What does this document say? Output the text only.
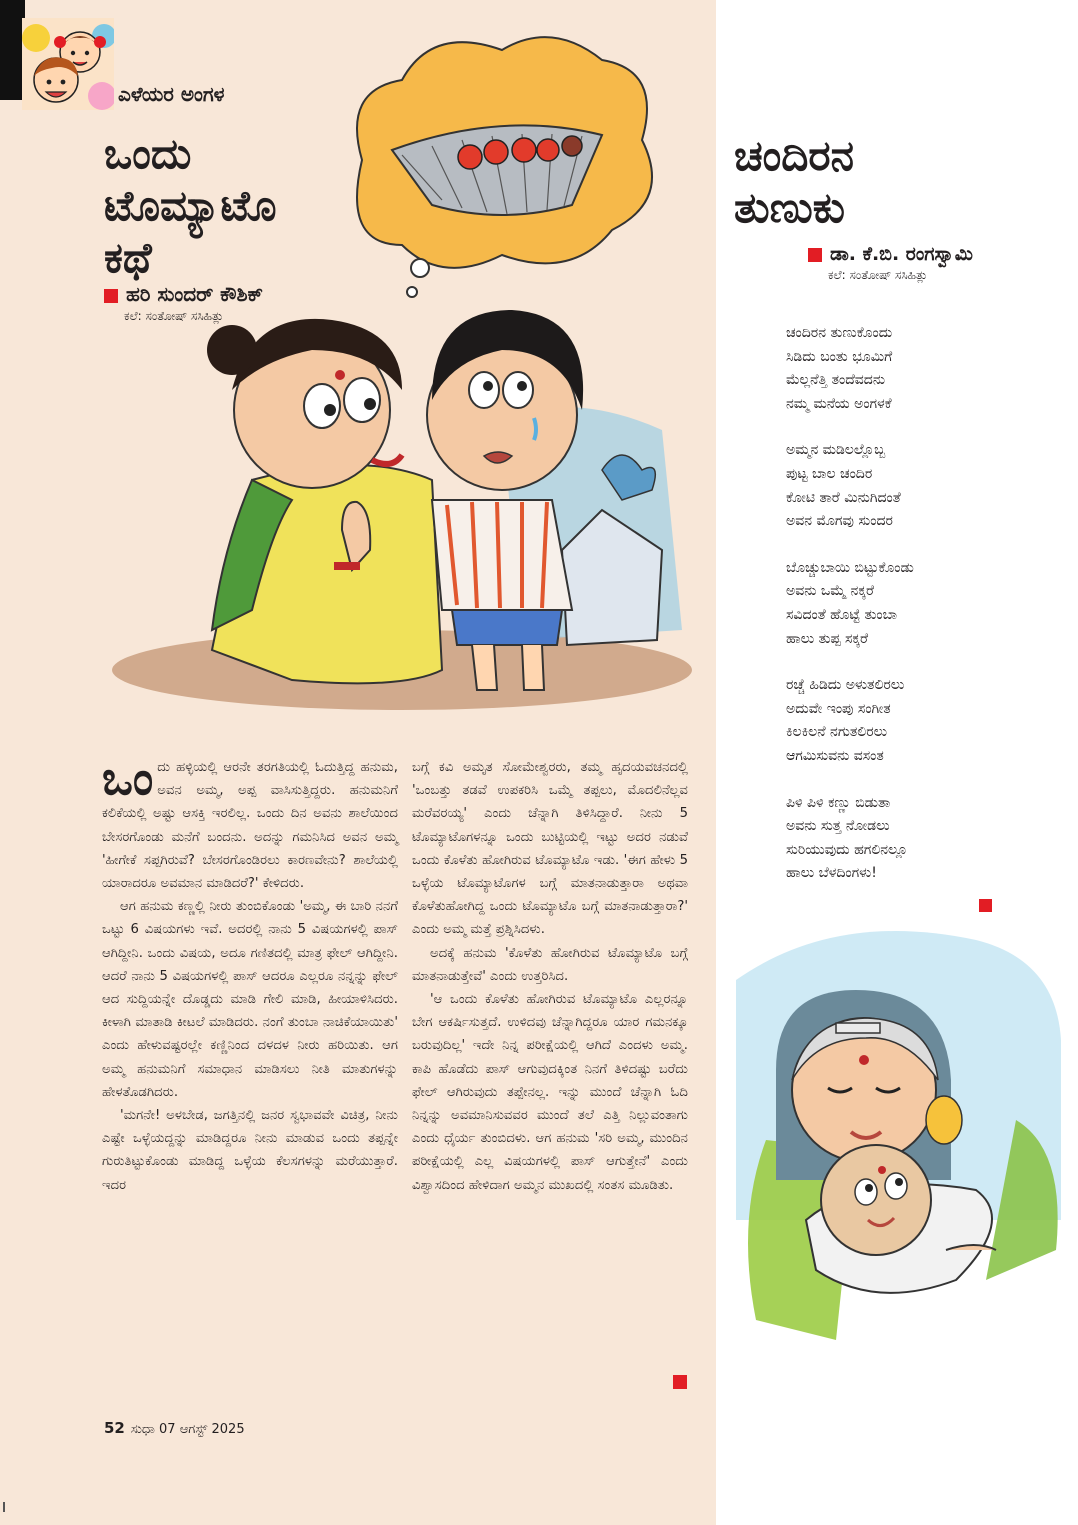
ಎಳೆಯರ ಅಂಗಳ
ಒಂದು
ಟೊಮ್ಯಾಟೊ
ಕಥೆ
ಹರಿ ಸುಂದರ್ ಕೌಶಿಕ್
ಕಲೆ: ಸಂತೋಷ್ ಸಸಿಹಿತ್ಲು

ಒಂದು ಹಳ್ಳಿಯಲ್ಲಿ ಆರನೇ ತರಗತಿಯಲ್ಲಿ ಓದುತ್ತಿದ್ದ ಹನುಮ, ಅವನ ಅಮ್ಮ, ಅಪ್ಪ ವಾಸಿಸುತ್ತಿದ್ದರು. ಹನುಮನಿಗೆ ಕಲಿಕೆಯಲ್ಲಿ ಅಷ್ಟು ಆಸಕ್ತಿ ಇರಲಿಲ್ಲ. ಒಂದು ದಿನ ಅವನು ಶಾಲೆಯಿಂದ ಬೇಸರಗೊಂಡು ಮನೆಗೆ ಬಂದನು. ಅದನ್ನು ಗಮನಿಸಿದ ಅವನ ಅಮ್ಮ 'ಹೀಗೇಕೆ ಸಪ್ಪಗಿರುವೆ? ಬೇಸರಗೊಂಡಿರಲು ಕಾರಣವೇನು? ಶಾಲೆಯಲ್ಲಿ ಯಾರಾದರೂ ಅವಮಾನ ಮಾಡಿದರೆ?' ಕೇಳಿದರು.

ಆಗ ಹನುಮ ಕಣ್ಣಲ್ಲಿ ನೀರು ತುಂಬಿಕೊಂಡು 'ಅಮ್ಮ, ಈ ಬಾರಿ ನನಗೆ ಒಟ್ಟು 6 ವಿಷಯಗಳು ಇವೆ. ಅದರಲ್ಲಿ ನಾನು 5 ವಿಷಯಗಳಲ್ಲಿ ಪಾಸ್ ಆಗಿದ್ದೀನಿ. ಒಂದು ವಿಷಯ, ಅದೂ ಗಣಿತದಲ್ಲಿ ಮಾತ್ರ ಫೇಲ್ ಆಗಿದ್ದೀನಿ. ಆದರೆ ನಾನು 5 ವಿಷಯಗಳಲ್ಲಿ ಪಾಸ್ ಆದರೂ ಎಲ್ಲರೂ ನನ್ನನ್ನು ಫೇಲ್ ಆದ ಸುದ್ದಿಯನ್ನೇ ದೊಡ್ಡದು ಮಾಡಿ ಗೇಲಿ ಮಾಡಿ, ಹೀಯಾಳಿಸಿದರು. ಕೀಳಾಗಿ ಮಾತಾಡಿ ಕೀಟಲೆ ಮಾಡಿದರು. ನಂಗೆ ತುಂಬಾ ನಾಚಿಕೆಯಾಯಿತು' ಎಂದು ಹೇಳುವಷ್ಟರಲ್ಲೇ ಕಣ್ಣಿನಿಂದ ದಳದಳ ನೀರು ಹರಿಯಿತು. ಆಗ ಅಮ್ಮ ಹನುಮನಿಗೆ ಸಮಾಧಾನ ಮಾಡಿಸಲು ನೀತಿ ಮಾತುಗಳನ್ನು ಹೇಳತೊಡಗಿದರು.

'ಮಗನೇ! ಅಳಬೇಡ, ಜಗತ್ತಿನಲ್ಲಿ ಜನರ ಸ್ವಭಾವವೇ ವಿಚಿತ್ರ, ನೀನು ಎಷ್ಟೇ ಒಳ್ಳೆಯದ್ದನ್ನು ಮಾಡಿದ್ದರೂ ನೀನು ಮಾಡುವ ಒಂದು ತಪ್ಪನ್ನೇ ಗುರುತಿಟ್ಟುಕೊಂಡು ಮಾಡಿದ್ದ ಒಳ್ಳೆಯ ಕೆಲಸಗಳನ್ನು ಮರೆಯುತ್ತಾರೆ. ಇದರ

ಬಗ್ಗೆ ಕವಿ ಅಮೃತ ಸೋಮೇಶ್ವರರು, ತಮ್ಮ ಹೃದಯವಚನದಲ್ಲಿ 'ಒಂಬತ್ತು ತಡವೆ ಉಪಕರಿಸಿ ಒಮ್ಮೆ ತಪ್ಪಲು, ಮೊದಲಿನೆಲ್ಲವ ಮರೆವರಯ್ಯ' ಎಂದು ಚೆನ್ನಾಗಿ ತಿಳಿಸಿದ್ದಾರೆ. ನೀನು 5 ಟೊಮ್ಯಾಟೊಗಳನ್ನೂ ಒಂದು ಬುಟ್ಟಿಯಲ್ಲಿ ಇಟ್ಟು ಅದರ ನಡುವೆ ಒಂದು ಕೊಳೆತು ಹೋಗಿರುವ ಟೊಮ್ಯಾಟೊ ಇಡು. 'ಈಗ ಹೇಳು 5 ಒಳ್ಳೆಯ ಟೊಮ್ಯಾಟೊಗಳ ಬಗ್ಗೆ ಮಾತನಾಡುತ್ತಾರಾ ಅಥವಾ ಕೊಳೆತುಹೋಗಿದ್ದ ಒಂದು ಟೊಮ್ಯಾಟೊ ಬಗ್ಗೆ ಮಾತನಾಡುತ್ತಾರಾ?' ಎಂದು ಅಮ್ಮ ಮತ್ತೆ ಪ್ರಶ್ನಿಸಿದಳು.

ಅದಕ್ಕೆ ಹನುಮ 'ಕೊಳೆತು ಹೋಗಿರುವ ಟೊಮ್ಯಾಟೊ ಬಗ್ಗೆ ಮಾತನಾಡುತ್ತೇವೆ' ಎಂದು ಉತ್ತರಿಸಿದ.

'ಆ ಒಂದು ಕೊಳೆತು ಹೋಗಿರುವ ಟೊಮ್ಯಾಟೊ ಎಲ್ಲರನ್ನೂ ಬೇಗ ಆಕರ್ಷಿಸುತ್ತದೆ. ಉಳಿದವು ಚೆನ್ನಾಗಿದ್ದರೂ ಯಾರ ಗಮನಕ್ಕೂ ಬರುವುದಿಲ್ಲ' ಇದೇ ನಿನ್ನ ಪರೀಕ್ಷೆಯಲ್ಲಿ ಆಗಿದೆ ಎಂದಳು ಅಮ್ಮ. ಕಾಪಿ ಹೊಡೆದು ಪಾಸ್ ಆಗುವುದಕ್ಕಿಂತ ನಿನಗೆ ತಿಳಿದಷ್ಟು ಬರೆದು ಫೇಲ್ ಆಗಿರುವುದು ತಪ್ಪೇನಲ್ಲ. ಇನ್ನು ಮುಂದೆ ಚೆನ್ನಾಗಿ ಓದಿ ನಿನ್ನನ್ನು ಅವಮಾನಿಸುವವರ ಮುಂದೆ ತಲೆ ಎತ್ತಿ ನಿಲ್ಲುವಂತಾಗು ಎಂದು ಧೈರ್ಯ ತುಂಬಿದಳು. ಆಗ ಹನುಮ 'ಸರಿ ಅಮ್ಮ, ಮುಂದಿನ ಪರೀಕ್ಷೆಯಲ್ಲಿ ಎಲ್ಲ ವಿಷಯಗಳಲ್ಲಿ ಪಾಸ್ ಆಗುತ್ತೇನೆ' ಎಂದು ವಿಶ್ವಾಸದಿಂದ ಹೇಳಿದಾಗ ಅಮ್ಮನ ಮುಖದಲ್ಲಿ ಸಂತಸ ಮೂಡಿತು.

52 ಸುಧಾ 07 ಆಗಸ್ಟ್ 2025
ಚಂದಿರನ
ತುಣುಕು
ಡಾ. ಕೆ.ಬಿ. ರಂಗಸ್ವಾಮಿ
ಕಲೆ: ಸಂತೋಷ್ ಸಸಿಹಿತ್ಲು
ಚಂದಿರನ ತುಣುಕೊಂದು
ಸಿಡಿದು ಬಂತು ಭೂಮಿಗೆ
ಮೆಲ್ಲನೆತ್ತಿ ತಂದೆವದನು
ನಮ್ಮ ಮನೆಯ ಅಂಗಳಕೆ
ಅಮ್ಮನ ಮಡಿಲಲ್ಲೊಬ್ಬ
ಪುಟ್ಟ ಬಾಲ ಚಂದಿರ
ಕೋಟಿ ತಾರೆ ಮಿನುಗಿದಂತೆ
ಅವನ ಮೊಗವು ಸುಂದರ
ಬೊಚ್ಚುಬಾಯಿ ಬಿಟ್ಟುಕೊಂಡು
ಅವನು ಒಮ್ಮೆ ನಕ್ಕರೆ
ಸವಿದಂತೆ ಹೊಟ್ಟೆ ತುಂಬಾ
ಹಾಲು ತುಪ್ಪ ಸಕ್ಕರೆ
ರಚ್ಚೆ ಹಿಡಿದು ಅಳುತಲಿರಲು
ಅದುವೇ ಇಂಪು ಸಂಗೀತ
ಕಿಲಕಿಲನೆ ನಗುತಲಿರಲು
ಆಗಮಿಸುವನು ವಸಂತ
ಪಿಳಿ ಪಿಳಿ ಕಣ್ಣು ಬಿಡುತಾ
ಅವನು ಸುತ್ತ ನೋಡಲು
ಸುರಿಯುವುದು ಹಗಲಿನಲ್ಲೂ
ಹಾಲು ಬೆಳದಿಂಗಳು!
